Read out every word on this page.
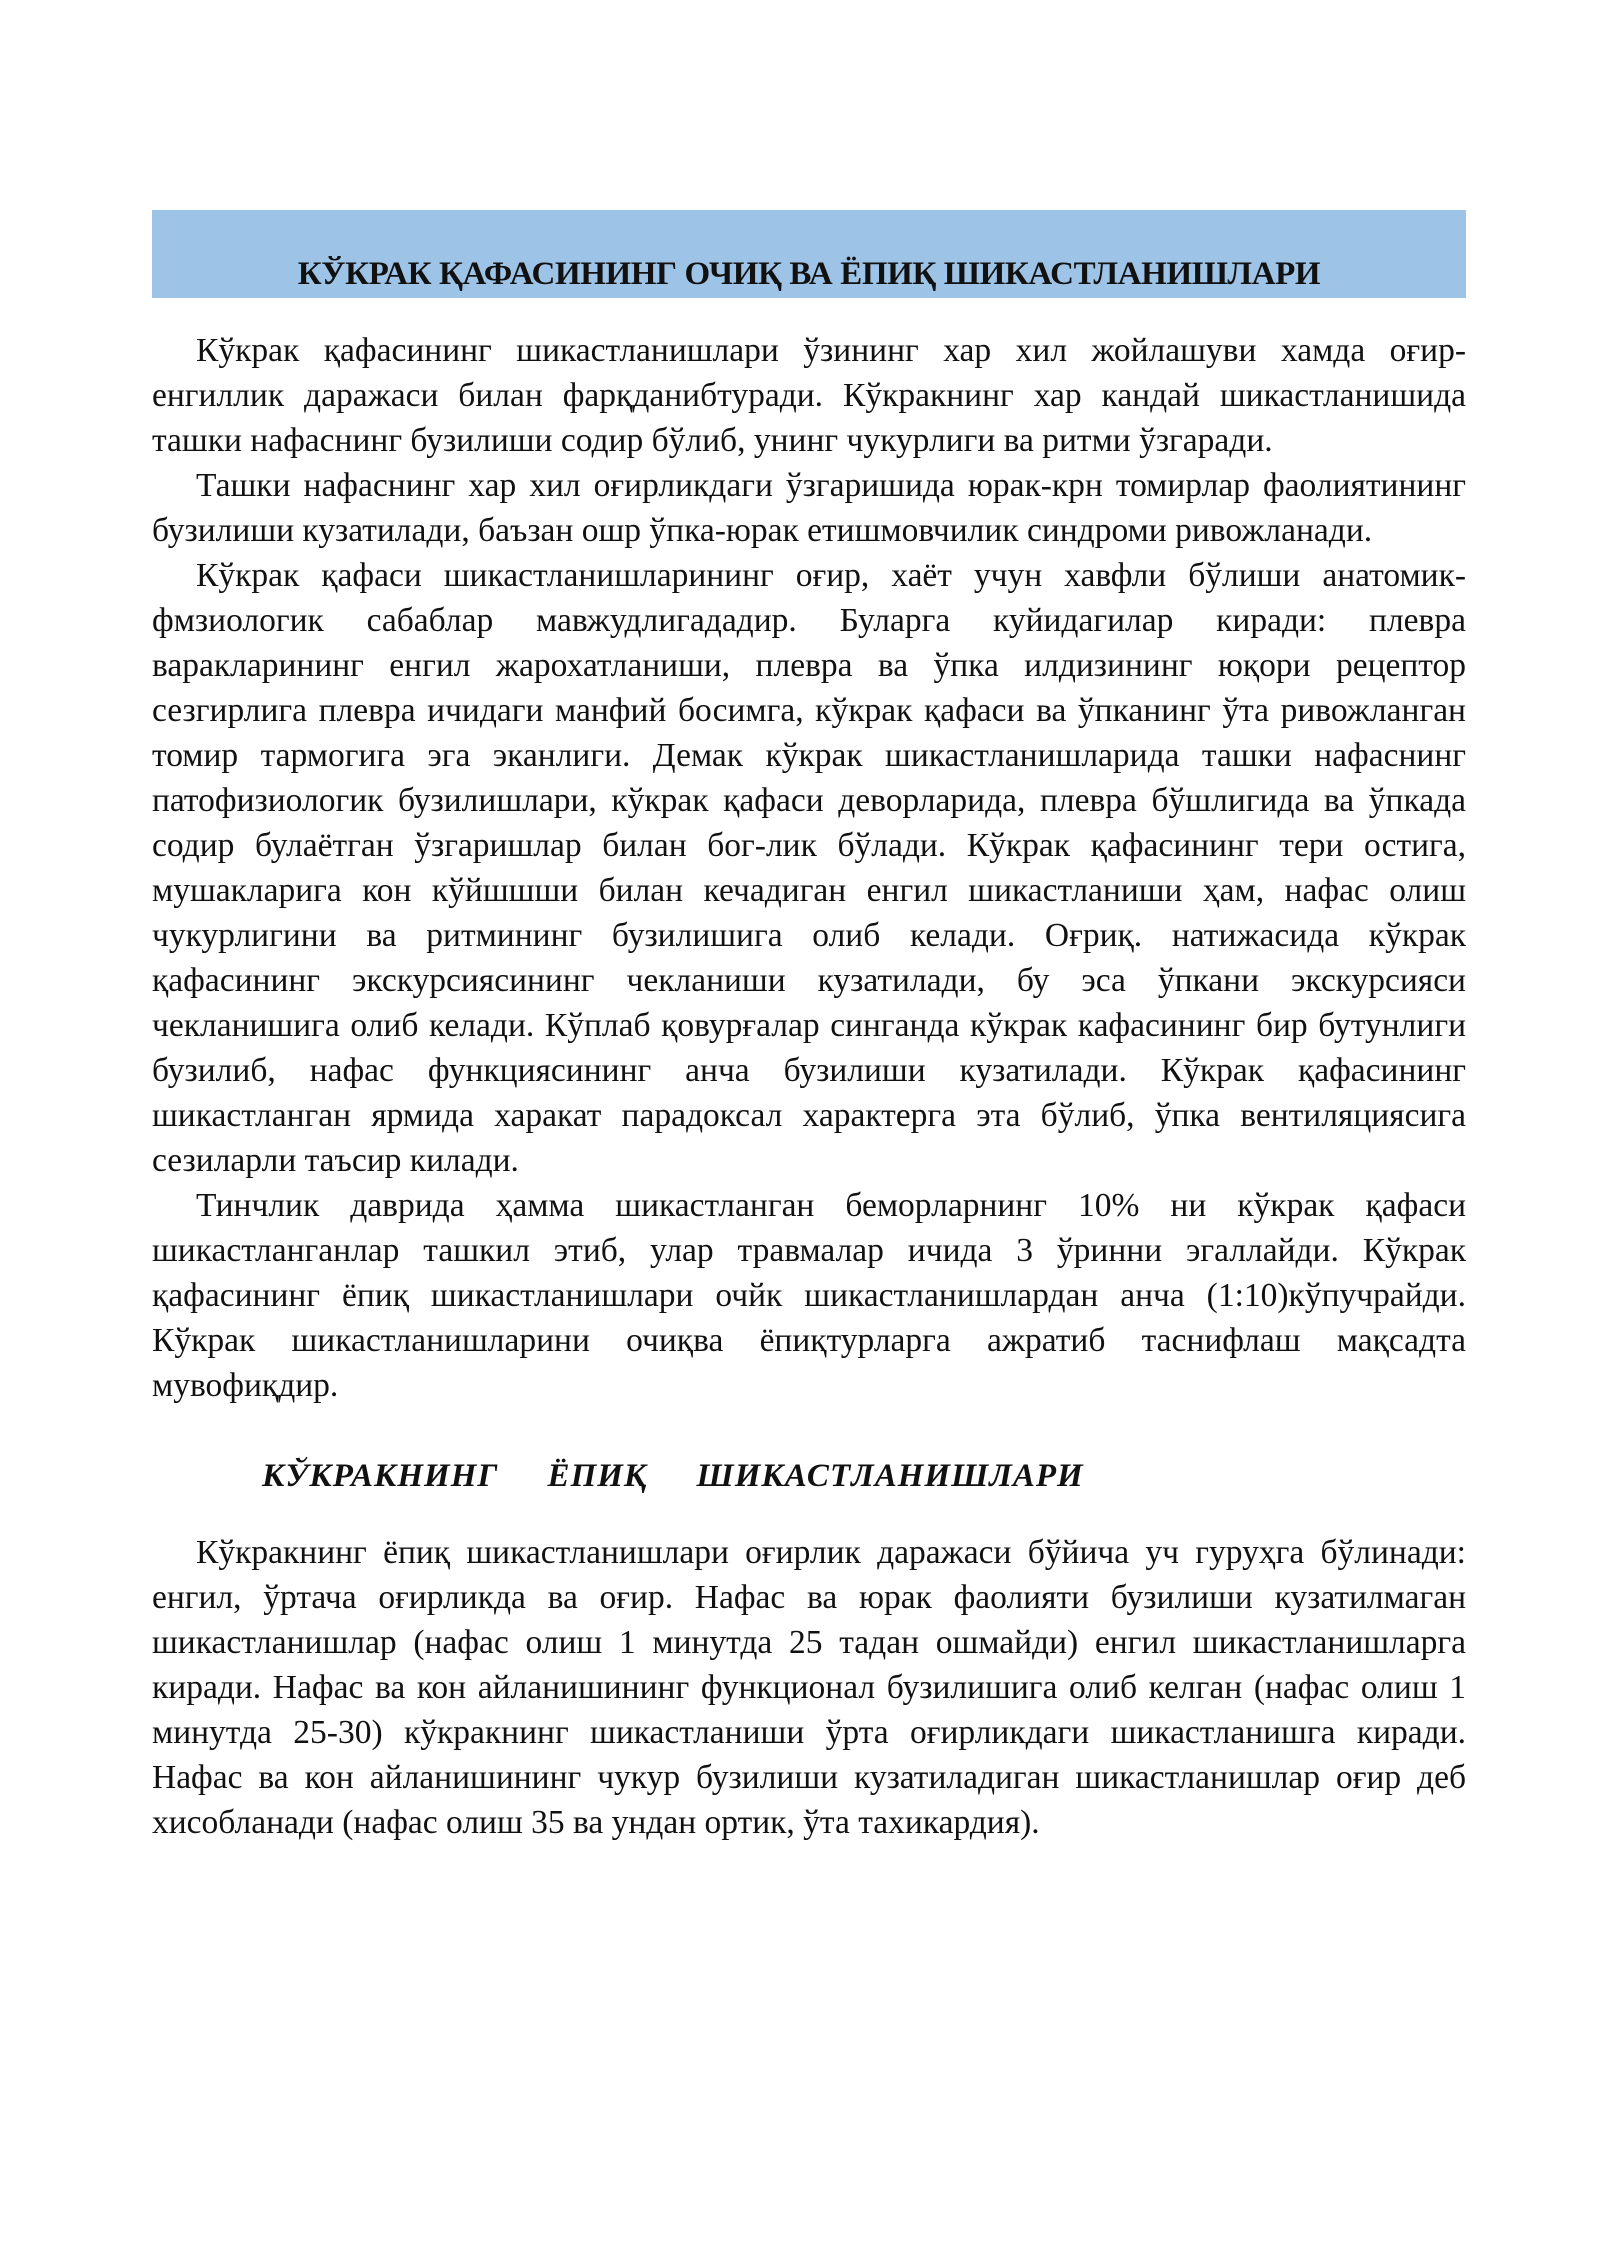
КЎКРАК ҚАФАСИНИНГ ОЧИҚ ВА ЁПИҚ ШИКАСТЛАНИШЛАРИ

Кўкрак қафасининг шикастланишлари ўзининг хар хил жойлашуви хамда оғир-енгиллик даражаси билан фарқданибтуради. Кўкракнинг хар кандай шикастланишида ташки нафаснинг бузилиши содир бўлиб, унинг чукурлиги ва ритми ўзгаради.

Ташки нафаснинг хар хил оғирликдаги ўзгаришида юрак-крн томирлар фаолиятининг бузилиши кузатилади, баъзан ошр ўпка-юрак етишмовчилик синдроми ривожланади.

Кўкрак қафаси шикастланишларининг оғир, хаёт учун хавфли бўлиши анатомик-фмзиологик сабаблар мавжудлигададир. Буларга куйидагилар киради: плевра варакларининг енгил жарохатланиши, плевра ва ўпка илдизининг юқори рецептор сезгирлига плевра ичидаги манфий босимга, кўкрак қафаси ва ўпканинг ўта ривожланган томир тармогига эга эканлиги. Демак кўкрак шикастланишларида ташки нафаснинг патофизиологик бузилишлари, кўкрак қафаси деворларида, плевра бўшлигида ва ўпкада содир булаётган ўзгаришлар билан бог-лик бўлади. Кўкрак қафасининг тери остига, мушакларига кон кўйшшши билан кечадиган енгил шикастланиши ҳам, нафас олиш чукурлигини ва ритмининг бузилишига олиб келади. Оғриқ. натижасида кўкрак қафасининг экскурсиясининг чекланиши кузатилади, бу эса ўпкани экскурсияси чекланишига олиб келади. Кўплаб қовурғалар синганда кўкрак кафасининг бир бутунлиги бузилиб, нафас функциясининг анча бузилиши кузатилади. Кўкрак қафасининг шикастланган ярмида харакат парадоксал характерга эта бўлиб, ўпка вентиляциясига сезиларли таъсир килади.

Тинчлик даврида ҳамма шикастланган беморларнинг 10% ни кўкрак қафаси шикастланганлар ташкил этиб, улар травмалар ичида 3 ўринни эгаллайди. Кўкрак қафасининг ёпиқ шикастланишлари очйк шикастланишлардан анча (1:10)кўпучрайди. Кўкрак шикастланишларини очиқва ёпиқтурларга ажратиб таснифлаш мақсадта мувофиқдир.

КЎКРАКНИНГ ЁПИҚ ШИКАСТЛАНИШЛАРИ

Кўкракнинг ёпиқ шикастланишлари оғирлик даражаси бўйича уч гуруҳга бўлинади: енгил, ўртача оғирликда ва оғир. Нафас ва юрак фаолияти бузилиши кузатилмаган шикастланишлар (нафас олиш 1 минутда 25 тадан ошмайди) енгил шикастланишларга киради. Нафас ва кон айланишининг функционал бузилишига олиб келган (нафас олиш 1 минутда 25-30) кўкракнинг шикастланиши ўрта оғирликдаги шикастланишга киради. Нафас ва кон айланишининг чукур бузилиши кузатиладиган шикастланишлар оғир деб хисобланади (нафас олиш 35 ва ундан ортик, ўта тахикардия).
